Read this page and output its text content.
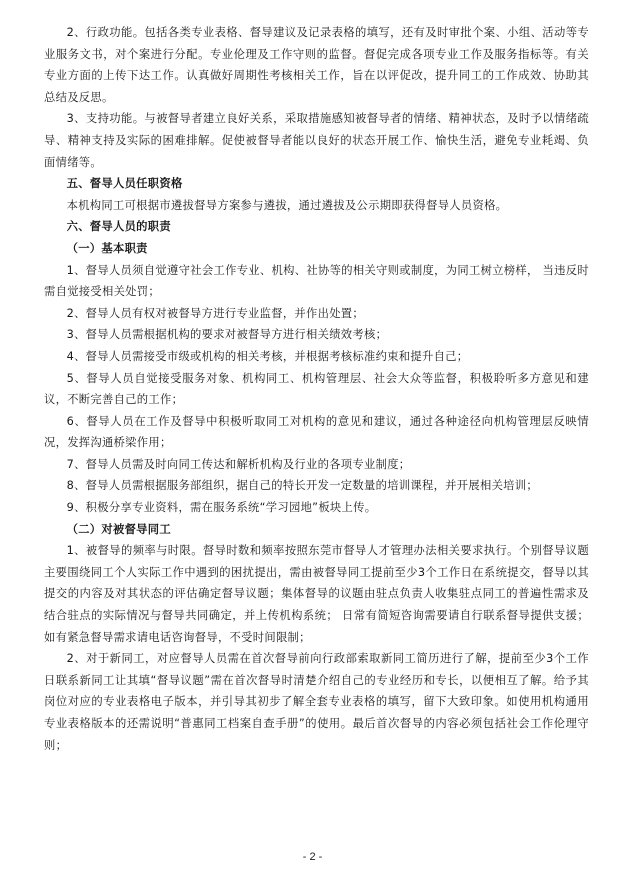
2、行政功能。包括各类专业表格、督导建议及记录表格的填写，还有及时审批个案、小组、活动等专业服务文书，对个案进行分配。专业伦理及工作守则的监督。督促完成各项专业工作及服务指标等。有关专业方面的上传下达工作。认真做好周期性考核相关工作，旨在以评促改，提升同工的工作成效、协助其总结及反思。

3、支持功能。与被督导者建立良好关系，采取措施感知被督导者的情绪、精神状态，及时予以情绪疏导、精神支持及实际的困难排解。促使被督导者能以良好的状态开展工作、愉快生活，避免专业耗竭、负面情绪等。

五、督导人员任职资格

本机构同工可根据市遴拔督导方案参与遴拔，通过遴拔及公示期即获得督导人员资格。

六、督导人员的职责

（一）基本职责

1、督导人员须自觉遵守社会工作专业、机构、社协等的相关守则或制度，为同工树立榜样， 当违反时需自觉接受相关处罚；

2、督导人员有权对被督导方进行专业监督，并作出处置；

3、督导人员需根据机构的要求对被督导方进行相关绩效考核；

4、督导人员需接受市级或机构的相关考核，并根据考核标准约束和提升自己；

5、督导人员自觉接受服务对象、机构同工、机构管理层、社会大众等监督，积极聆听多方意见和建议，不断完善自己的工作；

6、督导人员在工作及督导中积极听取同工对机构的意见和建议，通过各种途径向机构管理层反映情况，发挥沟通桥梁作用；

7、督导人员需及时向同工传达和解析机构及行业的各项专业制度；

8、督导人员需根据服务部组织，据自己的特长开发一定数量的培训课程，并开展相关培训；

9、积极分享专业资料，需在服务系统“学习园地”板块上传。

（二）对被督导同工

1、被督导的频率与时限。督导时数和频率按照东莞市督导人才管理办法相关要求执行。个别督导议题主要围绕同工个人实际工作中遇到的困扰提出，需由被督导同工提前至少3个工作日在系统提交，督导以其提交的内容及对其状态的评估确定督导议题；集体督导的议题由驻点负责人收集驻点同工的普遍性需求及结合驻点的实际情况与督导共同确定，并上传机构系统； 日常有简短咨询需要请自行联系督导提供支援；如有紧急督导需求请电话咨询督导，不受时间限制；

2、对于新同工，对应督导人员需在首次督导前向行政部索取新同工简历进行了解，提前至少3个工作日联系新同工让其填“督导议题”需在首次督导时清楚介绍自己的专业经历和专长，以便相互了解。给予其岗位对应的专业表格电子版本，并引导其初步了解全套专业表格的填写，留下大致印象。如使用机构通用专业表格版本的还需说明“普惠同工档案自查手册”的使用。最后首次督导的内容必须包括社会工作伦理守则；

- 2 -
